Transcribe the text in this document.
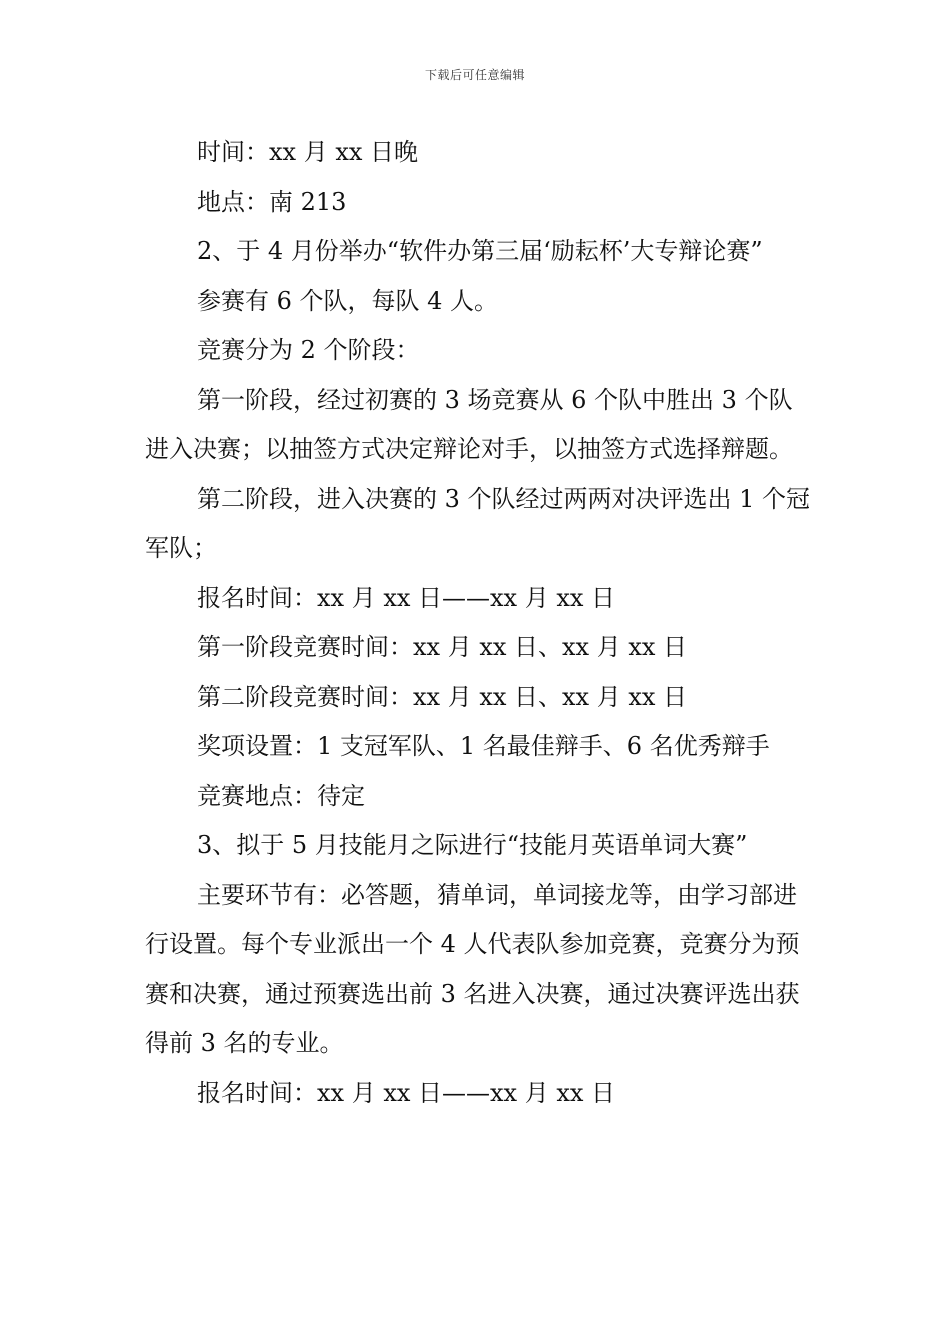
下载后可任意编辑

时间：xx 月 xx 日晚

地点：南 213

2、于 4 月份举办“软件办第三届‘励耘杯’大专辩论赛”

参赛有 6 个队，每队 4 人。

竞赛分为 2 个阶段：

第一阶段，经过初赛的 3 场竞赛从 6 个队中胜出 3 个队进入决赛；以抽签方式决定辩论对手，以抽签方式选择辩题。

第二阶段，进入决赛的 3 个队经过两两对决评选出 1 个冠军队；

报名时间：xx 月 xx 日——xx 月 xx 日

第一阶段竞赛时间：xx 月 xx 日、xx 月 xx 日

第二阶段竞赛时间：xx 月 xx 日、xx 月 xx 日

奖项设置：1 支冠军队、1 名最佳辩手、6 名优秀辩手

竞赛地点：待定

3、拟于 5 月技能月之际进行“技能月英语单词大赛”

主要环节有：必答题，猜单词，单词接龙等，由学习部进行设置。每个专业派出一个 4 人代表队参加竞赛，竞赛分为预赛和决赛，通过预赛选出前 3 名进入决赛，通过决赛评选出获得前 3 名的专业。

报名时间：xx 月 xx 日——xx 月 xx 日
